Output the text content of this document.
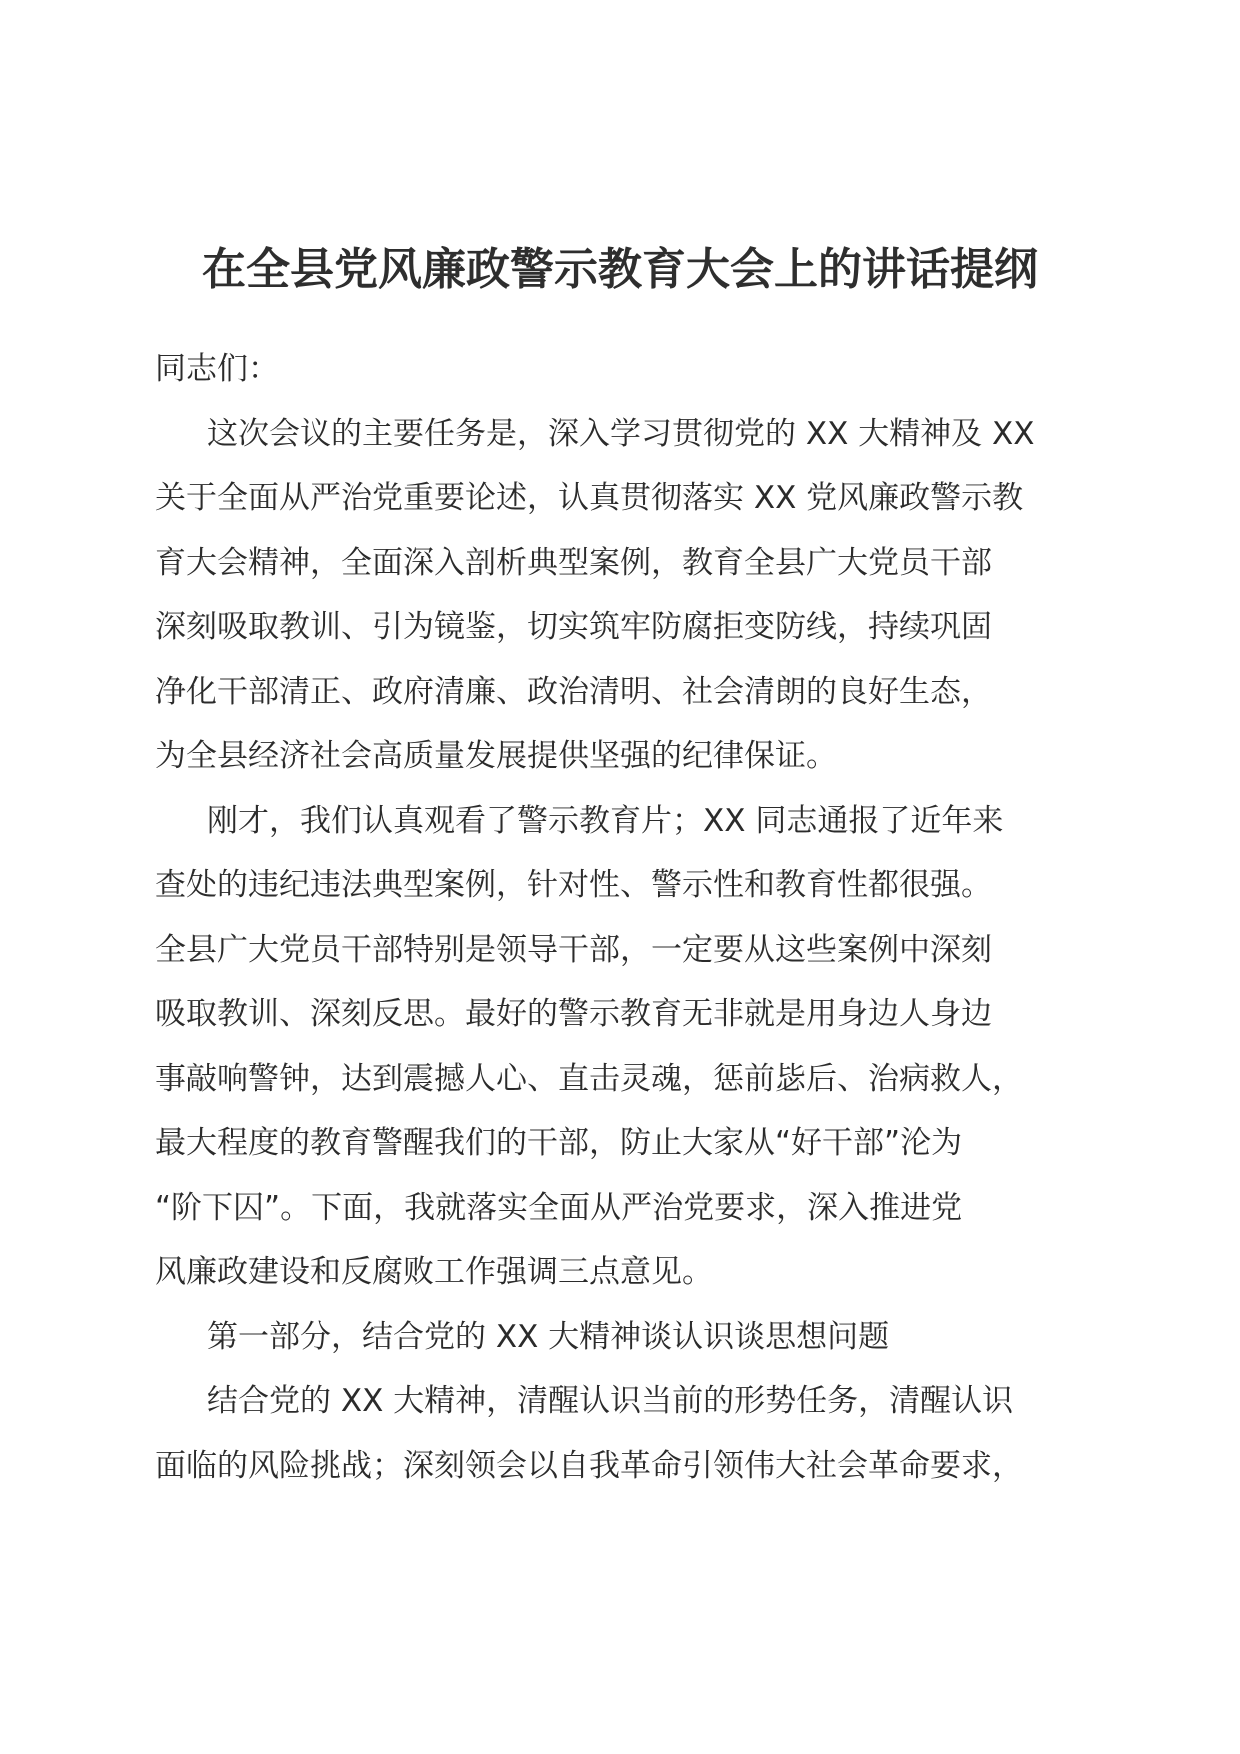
在全县党风廉政警示教育大会上的讲话提纲
同志们：
这次会议的主要任务是，深入学习贯彻党的 XX 大精神及 XX
关于全面从严治党重要论述，认真贯彻落实 XX 党风廉政警示教
育大会精神，全面深入剖析典型案例，教育全县广大党员干部
深刻吸取教训、引为镜鉴，切实筑牢防腐拒变防线，持续巩固
净化干部清正、政府清廉、政治清明、社会清朗的良好生态，
为全县经济社会高质量发展提供坚强的纪律保证。
刚才，我们认真观看了警示教育片；XX 同志通报了近年来
查处的违纪违法典型案例，针对性、警示性和教育性都很强。
全县广大党员干部特别是领导干部，一定要从这些案例中深刻
吸取教训、深刻反思。最好的警示教育无非就是用身边人身边
事敲响警钟，达到震撼人心、直击灵魂，惩前毖后、治病救人，
最大程度的教育警醒我们的干部，防止大家从“好干部”沦为
“阶下囚”。下面，我就落实全面从严治党要求，深入推进党
风廉政建设和反腐败工作强调三点意见。
第一部分，结合党的 XX 大精神谈认识谈思想问题
结合党的 XX 大精神，清醒认识当前的形势任务，清醒认识
面临的风险挑战；深刻领会以自我革命引领伟大社会革命要求，
